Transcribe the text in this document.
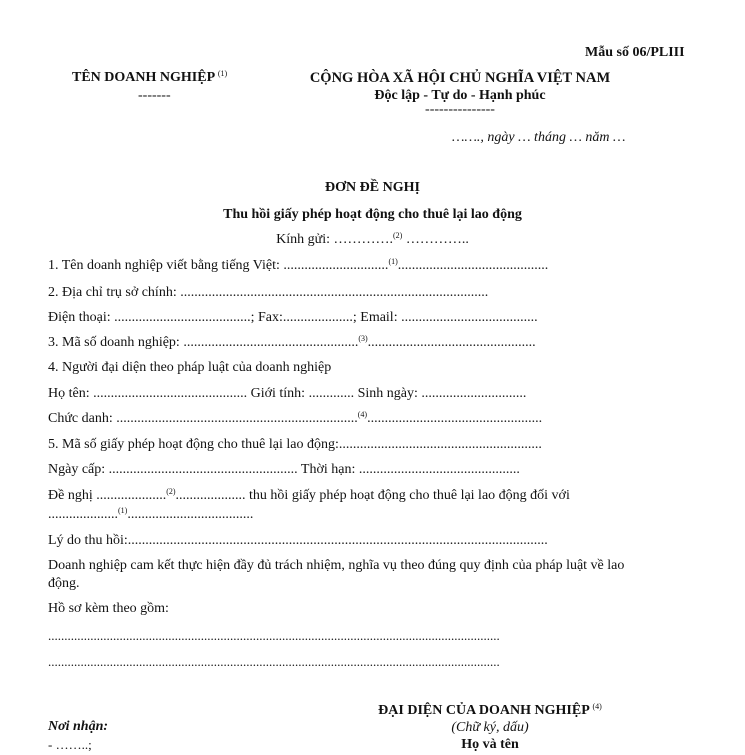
Mẫu số 06/PLIII
TÊN DOANH NGHIỆP $^{(1)}$
-------
CỘNG HÒA XÃ HỘI CHỦ NGHĨA VIỆT NAM
Độc lập - Tự do - Hạnh phúc
---------------
……., ngày … tháng … năm …
ĐƠN ĐỀ NGHỊ
Thu hồi giấy phép hoạt động cho thuê lại lao động
Kính gửi: ………….$^{(2)}$ …………..
1. Tên doanh nghiệp viết bằng tiếng Việt: ..............................$^{(1)}$...........................................
2. Địa chỉ trụ sở chính: ........................................................................................
Điện thoại: .......................................; Fax:....................; Email: .......................................
3. Mã số doanh nghiệp: ..................................................$^{(3)}$................................................
4. Người đại diện theo pháp luật của doanh nghiệp
Họ tên: ............................................ Giới tính: ............. Sinh ngày: ..............................
Chức danh: .....................................................................$^{(4)}$..................................................
5. Mã số giấy phép hoạt động cho thuê lại lao động:..........................................................
Ngày cấp: ...................................................... Thời hạn: ..............................................
Đề nghị ....................$^{(2)}$.................... thu hồi giấy phép hoạt động cho thuê lại lao động đối với
....................$^{(1)}$....................................
Lý do thu hồi:........................................................................................................................
Doanh nghiệp cam kết thực hiện đầy đủ trách nhiệm, nghĩa vụ theo đúng quy định của pháp luật về lao
động.
Hồ sơ kèm theo gồm:
...........................................................................................................................................
...........................................................................................................................................
ĐẠI DIỆN CỦA DOANH NGHIỆP $^{(4)}$
(Chữ ký, dấu)
Họ và tên
Nơi nhận:
- ……..;
